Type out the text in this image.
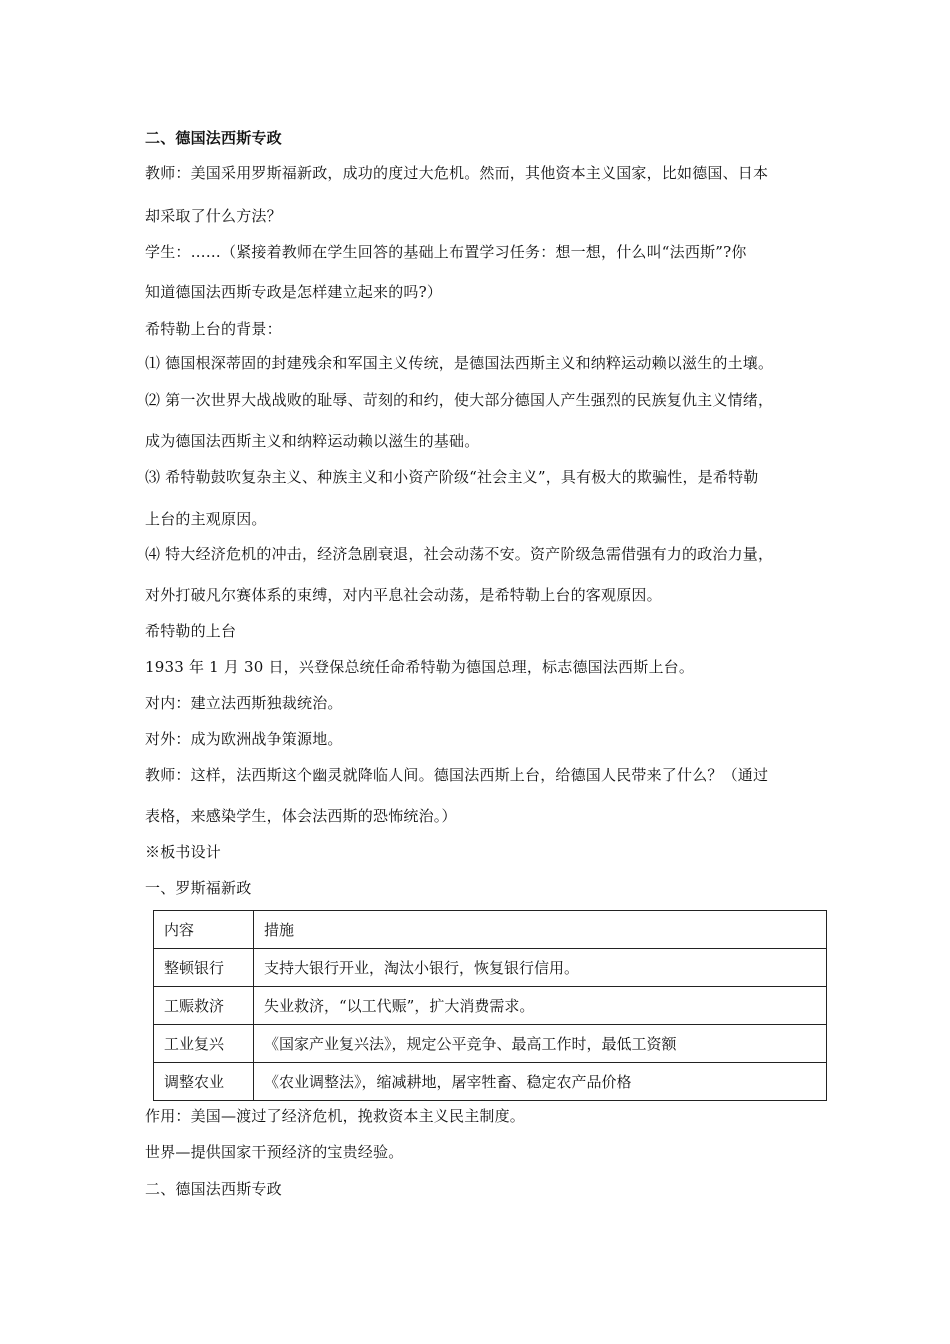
二、德国法西斯专政
教师：美国采用罗斯福新政，成功的度过大危机。然而，其他资本主义国家，比如德国、日本
却采取了什么方法？
学生：……（紧接着教师在学生回答的基础上布置学习任务：想一想，什么叫“法西斯”?你
知道德国法西斯专政是怎样建立起来的吗?）
希特勒上台的背景：
⑴ 德国根深蒂固的封建残余和军国主义传统，是德国法西斯主义和纳粹运动赖以滋生的土壤。
⑵ 第一次世界大战战败的耻辱、苛刻的和约，使大部分德国人产生强烈的民族复仇主义情绪，
成为德国法西斯主义和纳粹运动赖以滋生的基础。
⑶ 希特勒鼓吹复杂主义、种族主义和小资产阶级“社会主义”，具有极大的欺骗性，是希特勒
上台的主观原因。
⑷ 特大经济危机的冲击，经济急剧衰退，社会动荡不安。资产阶级急需借强有力的政治力量，
对外打破凡尔赛体系的束缚，对内平息社会动荡，是希特勒上台的客观原因。
希特勒的上台
1933 年 1 月 30 日，兴登保总统任命希特勒为德国总理，标志德国法西斯上台。
对内：建立法西斯独裁统治。
对外：成为欧洲战争策源地。
教师：这样，法西斯这个幽灵就降临人间。德国法西斯上台，给德国人民带来了什么？（通过
表格，来感染学生，体会法西斯的恐怖统治。）
※板书设计
一、罗斯福新政
内容	措施
整顿银行	支持大银行开业，淘汰小银行，恢复银行信用。
工赈救济	失业救济，“以工代赈”，扩大消费需求。
工业复兴	《国家产业复兴法》，规定公平竞争、最高工作时，最低工资额
调整农业	《农业调整法》，缩减耕地，屠宰牲畜、稳定农产品价格
作用：美国—渡过了经济危机，挽救资本主义民主制度。
世界—提供国家干预经济的宝贵经验。
二、德国法西斯专政
